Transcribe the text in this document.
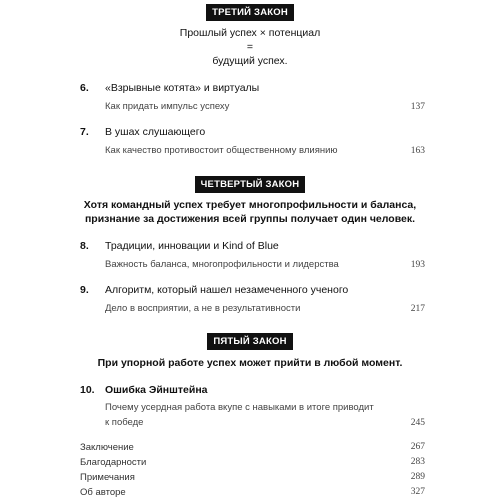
ТРЕТИЙ ЗАКОН
Прошлый успех × потенциал
=
будущий успех.
6. «Взрывные котята» и виртуалы
Как придать импульс успеху	137
7. В ушах слушающего
Как качество противостоит общественному влиянию	163
ЧЕТВЕРТЫЙ ЗАКОН
Хотя командный успех требует многопрофильности и баланса,
признание за достижения всей группы получает один человек.
8. Традиции, инновации и Kind of Blue
Важность баланса, многопрофильности и лидерства	193
9. Алгоритм, который нашел незамеченного ученого
Дело в восприятии, а не в результативности	217
ПЯТЫЙ ЗАКОН
При упорной работе успех может прийти в любой момент.
10. Ошибка Эйнштейна
Почему усердная работа вкупе с навыками в итоге приводит
к победе	245
Заключение	267
Благодарности	283
Примечания	289
Об авторе	327
